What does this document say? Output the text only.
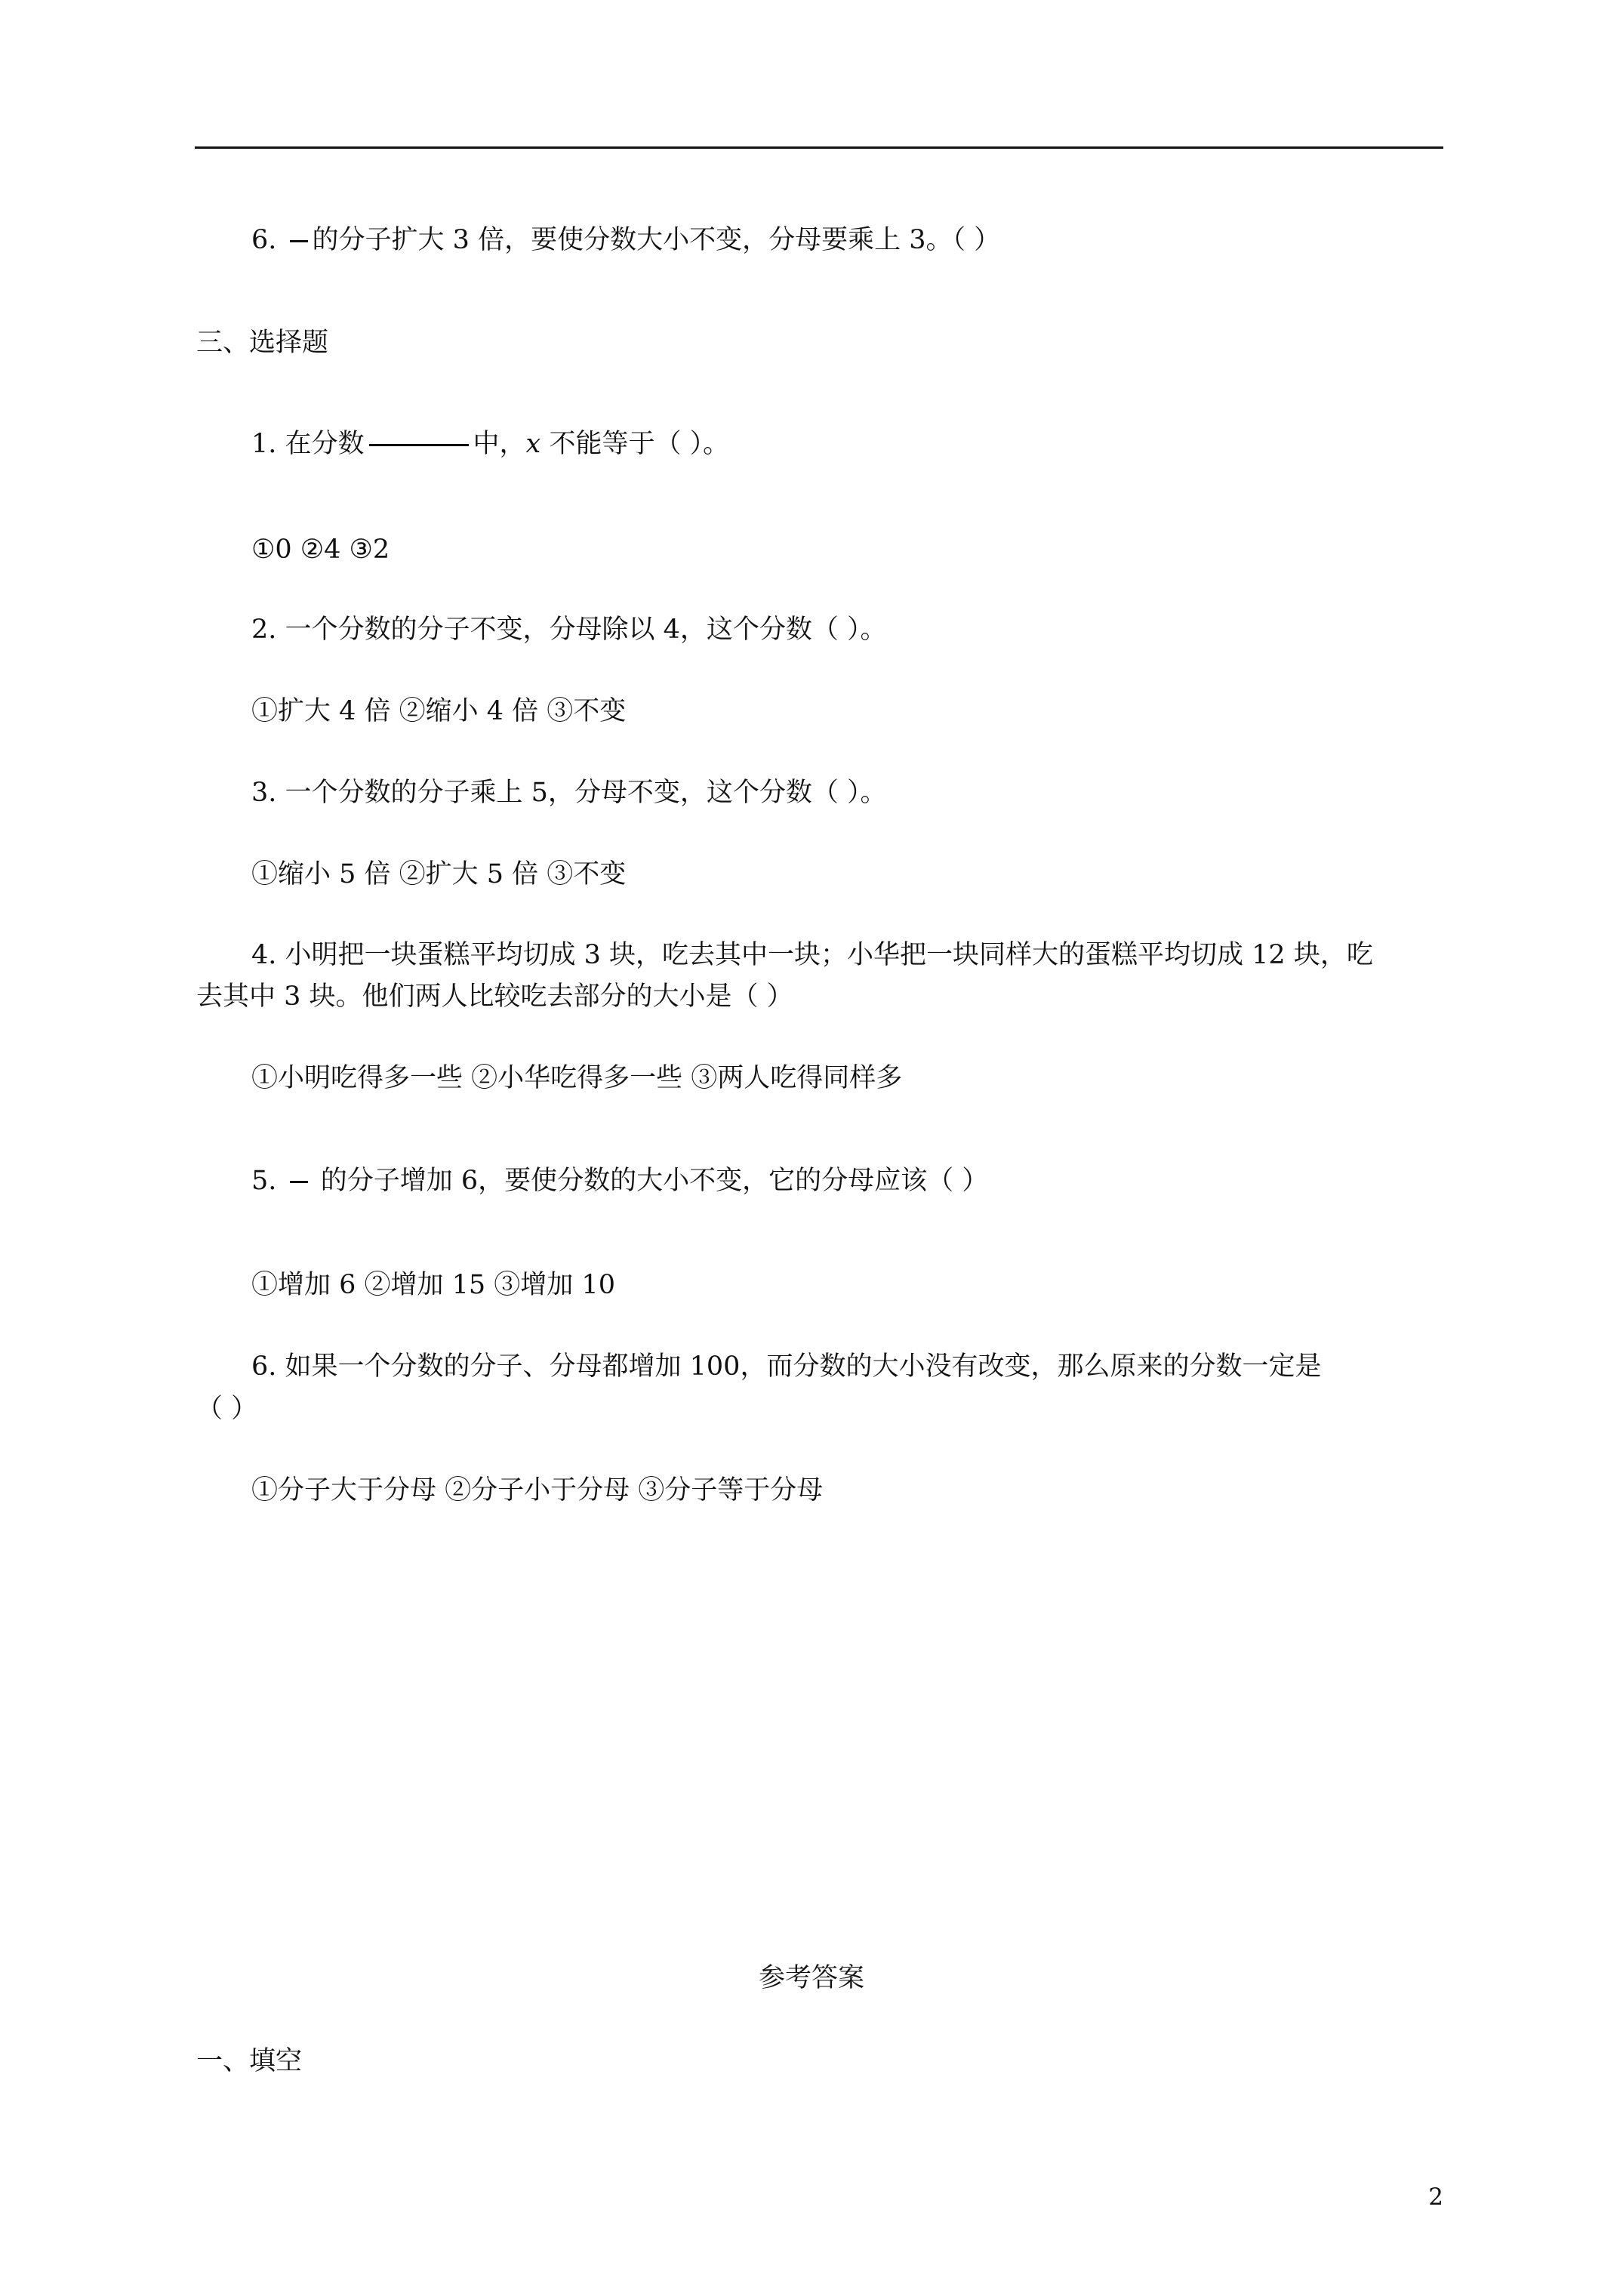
6. 的分子扩大 3 倍，要使分数大小不变，分母要乘上 3。（ ）
三、选择题
1. 在分数	中，x 不能等于（ ）。
①0 ②4 ③2
2. 一个分数的分子不变，分母除以 4，这个分数（ ）。
①扩大 4 倍 ②缩小 4 倍 ③不变
3. 一个分数的分子乘上 5，分母不变，这个分数（ ）。
①缩小 5 倍 ②扩大 5 倍 ③不变
4. 小明把一块蛋糕平均切成 3 块，吃去其中一块；小华把一块同样大的蛋糕平均切成 12 块，吃
去其中 3 块。他们两人比较吃去部分的大小是（ ）
①小明吃得多一些 ②小华吃得多一些 ③两人吃得同样多
5. 的分子增加 6，要使分数的大小不变，它的分母应该（ ）
①增加 6 ②增加 15 ③增加 10
6. 如果一个分数的分子、分母都增加 100，而分数的大小没有改变，那么原来的分数一定是
（ ）
①分子大于分母 ②分子小于分母 ③分子等于分母
参考答案
一、填空
2
